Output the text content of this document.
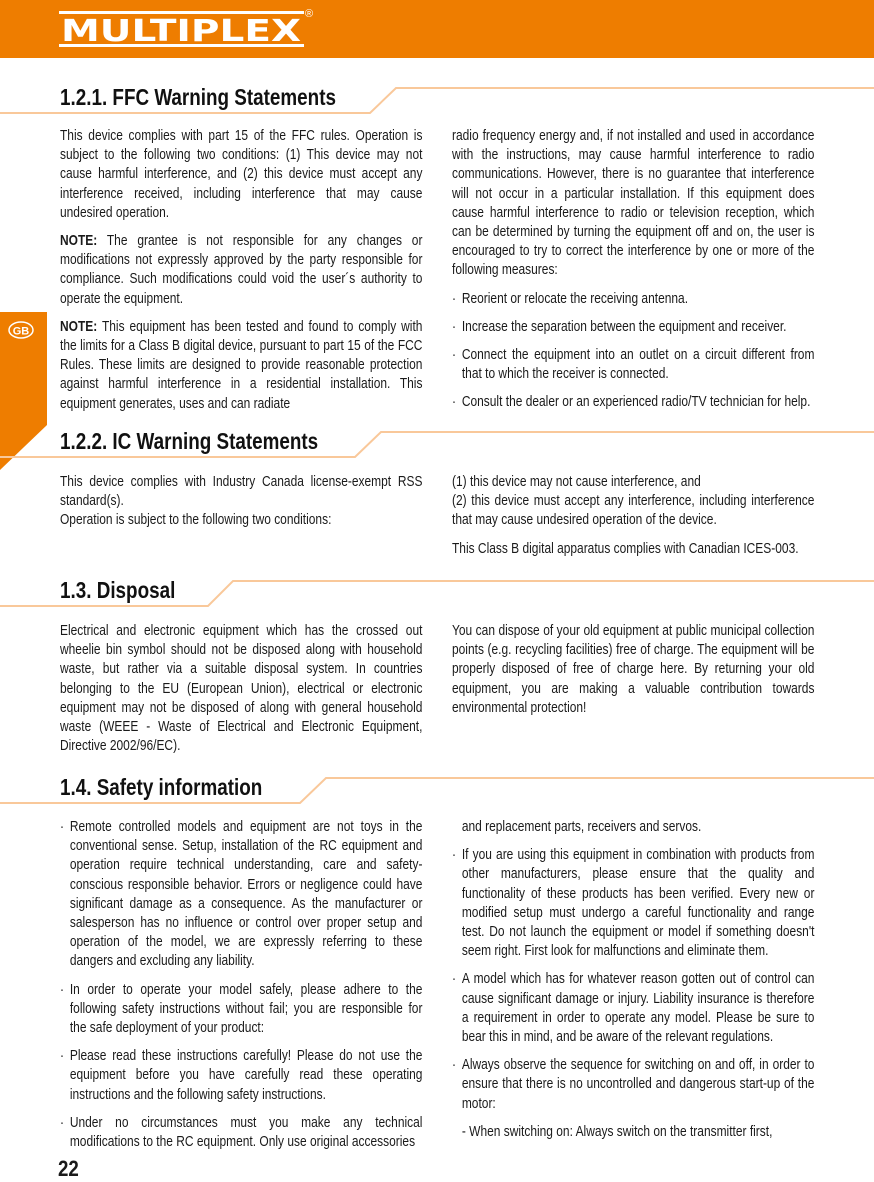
MULTIPLEX ®
GB
1.2.1. FFC Warning Statements

This device complies with part 15 of the FFC rules. Operation is subject to the following two conditions: (1) This device may not cause harmful interference, and (2) this device must accept any interference received, including interference that may cause undesired operation.

NOTE: The grantee is not responsible for any changes or modifications not expressly approved by the party responsible for compliance. Such modifications could void the user´s authority to operate the equipment.

NOTE: This equipment has been tested and found to comply with the limits for a Class B digital device, pursuant to part 15 of the FCC Rules. These limits are designed to provide reasonable protection against harmful interference in a residential installation. This equipment generates, uses and can radiate

radio frequency energy and, if not installed and used in accordance with the instructions, may cause harmful interference to radio communications. However, there is no guarantee that interference will not occur in a particular installation. If this equipment does cause harmful interference to radio or television reception, which can be determined by turning the equipment off and on, the user is encouraged to try to correct the interference by one or more of the following measures:

· Reorient or relocate the receiving antenna.
· Increase the separation between the equipment and receiver.
· Connect the equipment into an outlet on a circuit different from that to which the receiver is connected.
· Consult the dealer or an experienced radio/TV technician for help.
1.2.2. IC Warning Statements

This device complies with Industry Canada license-exempt RSS standard(s).

Operation is subject to the following two conditions:

(1) this device may not cause interference, and

(2) this device must accept any interference, including interference that may cause undesired operation of the device.

This Class B digital apparatus complies with Canadian ICES-003.

1.3. Disposal

Electrical and electronic equipment which has the crossed out wheelie bin symbol should not be disposed along with household waste, but rather via a suitable disposal system. In countries belonging to the EU (European Union), electrical or electronic equipment may not be disposed of along with general household waste (WEEE - Waste of Electrical and Electronic Equipment, Directive 2002/96/EC).

You can dispose of your old equipment at public municipal collection points (e.g. recycling facilities) free of charge. The equipment will be properly disposed of free of charge here. By returning your old equipment, you are making a valuable contribution towards environmental protection!

1.4. Safety information
· Remote controlled models and equipment are not toys in the conventional sense. Setup, installation of the RC equipment and operation require technical understanding, care and safety-conscious responsible behavior. Errors or negligence could have significant damage as a consequence. As the manufacturer or salesperson has no influence or control over proper setup and operation of the model, we are expressly referring to these dangers and excluding any liability.
· In order to operate your model safely, please adhere to the following safety instructions without fail; you are responsible for the safe deployment of your product:
· Please read these instructions carefully! Please do not use the equipment before you have carefully read these operating instructions and the following safety instructions.
· Under no circumstances must you make any technical modifications to the RC equipment. Only use original accessories

and replacement parts, receivers and servos.

· If you are using this equipment in combination with products from other manufacturers, please ensure that the quality and functionality of these products has been verified. Every new or modified setup must undergo a careful functionality and range test. Do not launch the equipment or model if something doesn't seem right. First look for malfunctions and eliminate them.
· A model which has for whatever reason gotten out of control can cause significant damage or injury. Liability insurance is therefore a requirement in order to operate any model. Please be sure to bear this in mind, and be aware of the relevant regulations.
· Always observe the sequence for switching on and off, in order to ensure that there is no uncontrolled and dangerous start-up of the motor:

- When switching on: Always switch on the transmitter first,

22
